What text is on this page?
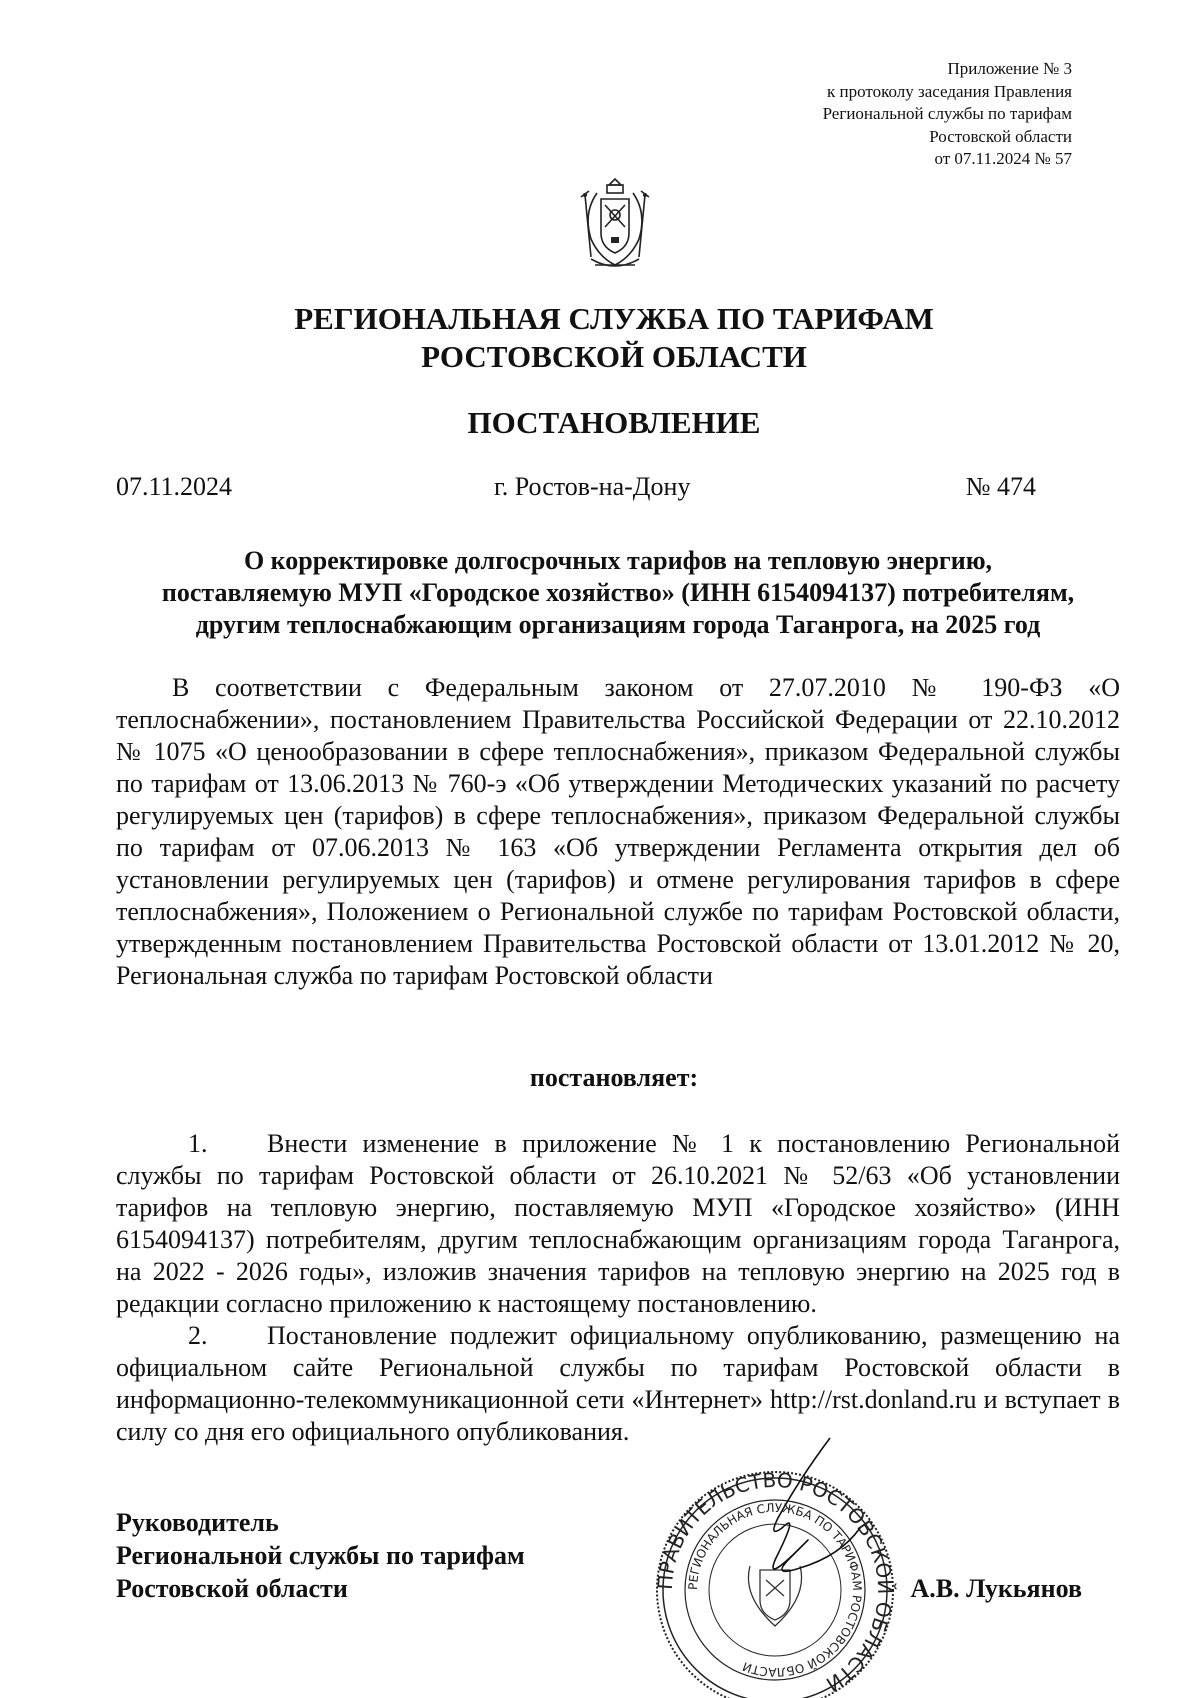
Приложение № 3
к протоколу заседания Правления
Региональной службы по тарифам
Ростовской области
от 07.11.2024 № 57
РЕГИОНАЛЬНАЯ СЛУЖБА ПО ТАРИФАМ
РОСТОВСКОЙ ОБЛАСТИ
ПОСТАНОВЛЕНИЕ
07.11.2024	г. Ростов-на-Дону	№ 474
О корректировке долгосрочных тарифов на тепловую энергию,
поставляемую МУП «Городское хозяйство» (ИНН 6154094137) потребителям,
другим теплоснабжающим организациям города Таганрога, на 2025 год
В соответствии с Федеральным законом от 27.07.2010 № 190-ФЗ «О теплоснабжении», постановлением Правительства Российской Федерации от 22.10.2012 № 1075 «О ценообразовании в сфере теплоснабжения», приказом Федеральной службы по тарифам от 13.06.2013 № 760-э «Об утверждении Методических указаний по расчету регулируемых цен (тарифов) в сфере теплоснабжения», приказом Федеральной службы по тарифам от 07.06.2013 № 163 «Об утверждении Регламента открытия дел об установлении регулируемых цен (тарифов) и отмене регулирования тарифов в сфере теплоснабжения», Положением о Региональной службе по тарифам Ростовской области, утвержденным постановлением Правительства Ростовской области от 13.01.2012 № 20, Региональная служба по тарифам Ростовской области
постановляет:
1. Внести изменение в приложение № 1 к постановлению Региональной службы по тарифам Ростовской области от 26.10.2021 № 52/63 «Об установлении тарифов на тепловую энергию, поставляемую МУП «Городское хозяйство» (ИНН 6154094137) потребителям, другим теплоснабжающим организациям города Таганрога, на 2022 - 2026 годы», изложив значения тарифов на тепловую энергию на 2025 год в редакции согласно приложению к настоящему постановлению.
2. Постановление подлежит официальному опубликованию, размещению на официальном сайте Региональной службы по тарифам Ростовской области в информационно-телекоммуникационной сети «Интернет» http://rst.donland.ru и вступает в силу со дня его официального опубликования.
Руководитель
Региональной службы по тарифам
Ростовской области	ПРАВИТЕЛЬСТВО РОСТОВСКОЙ ОБЛАСТИ
РЕГИОНАЛЬНАЯ СЛУЖБА ПО ТАРИФАМ РОСТОВСКОЙ ОБЛАСТИ
А.В. Лукьянов
